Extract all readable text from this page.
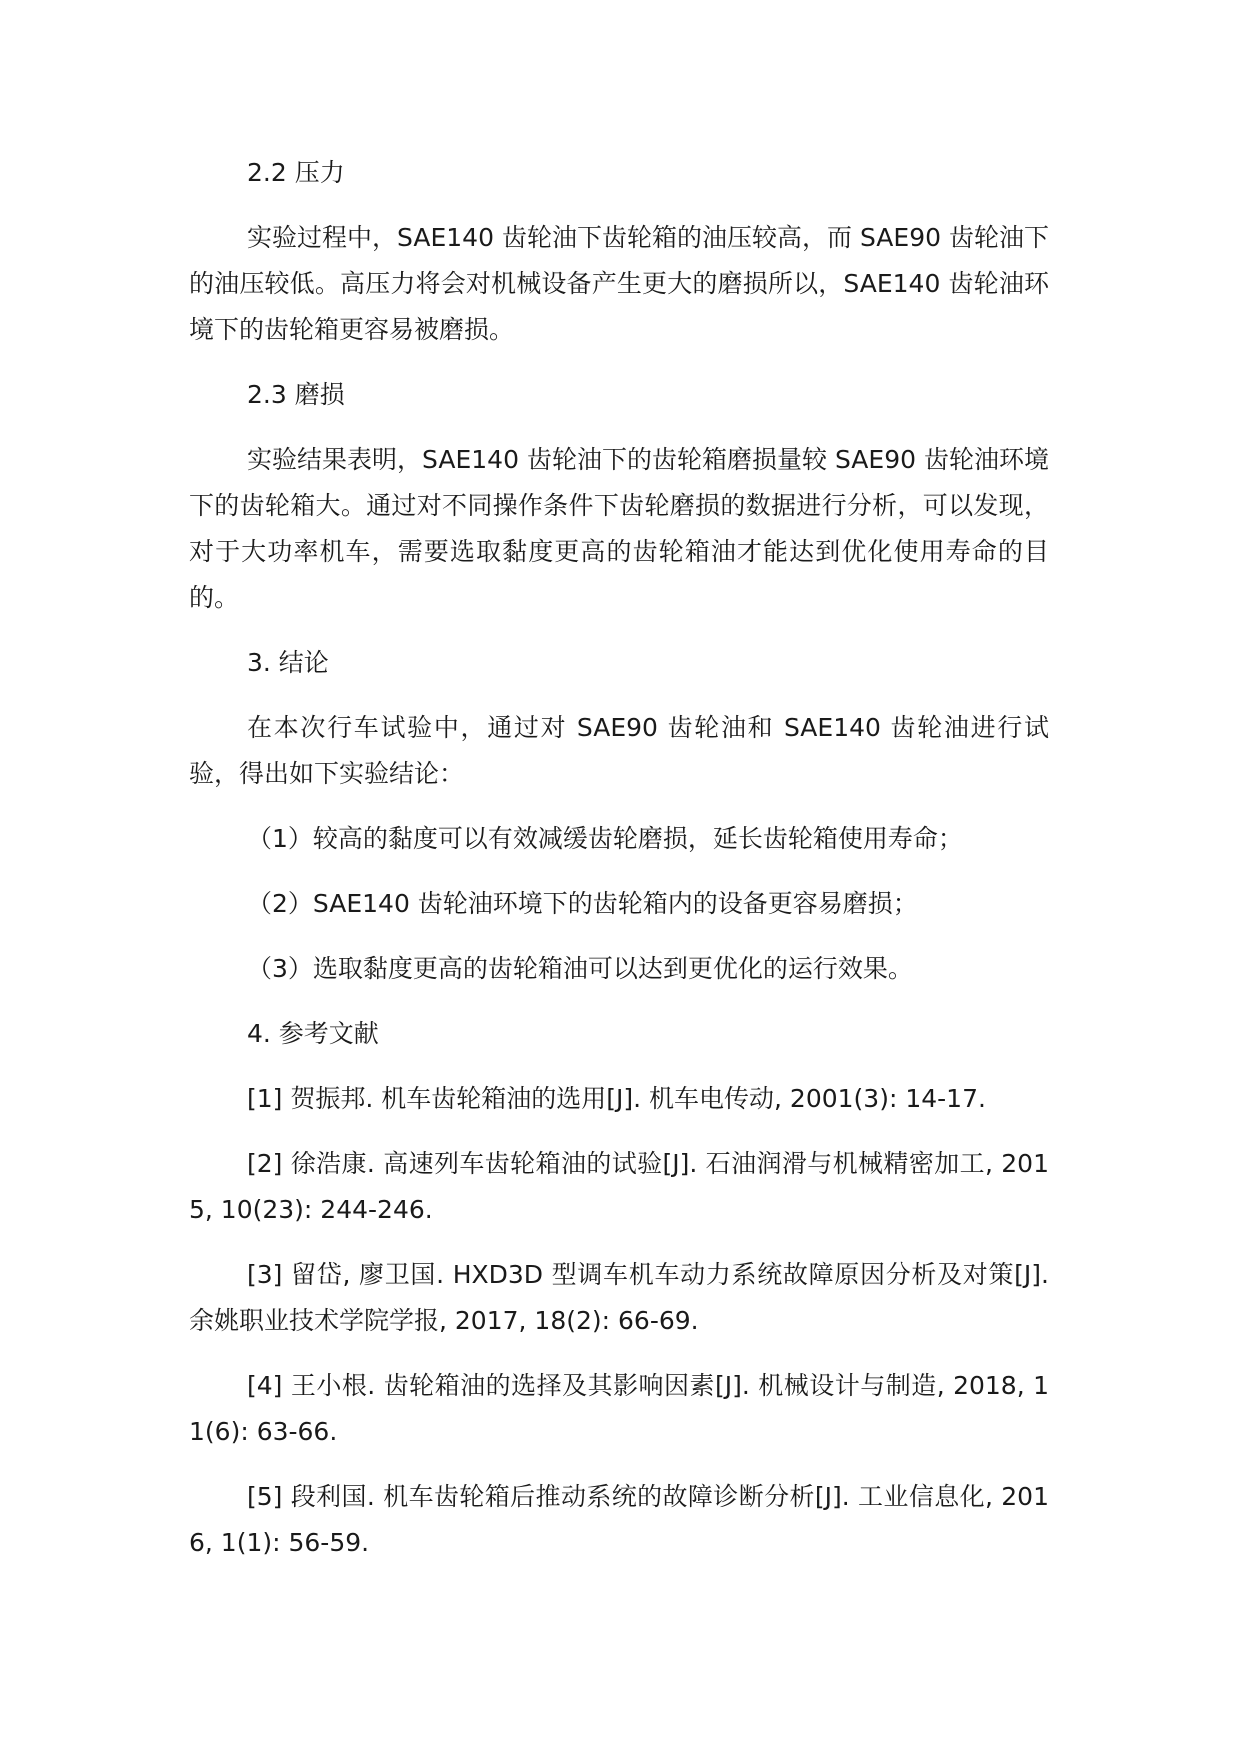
2.2 压力

实验过程中，SAE140 齿轮油下齿轮箱的油压较高，而 SAE90 齿轮油下的油压较低。高压力将会对机械设备产生更大的磨损所以，SAE140 齿轮油环境下的齿轮箱更容易被磨损。

2.3 磨损

实验结果表明，SAE140 齿轮油下的齿轮箱磨损量较 SAE90 齿轮油环境下的齿轮箱大。通过对不同操作条件下齿轮磨损的数据进行分析，可以发现，对于大功率机车，需要选取黏度更高的齿轮箱油才能达到优化使用寿命的目的。

3. 结论

在本次行车试验中，通过对 SAE90 齿轮油和 SAE140 齿轮油进行试验，得出如下实验结论：

（1）较高的黏度可以有效减缓齿轮磨损，延长齿轮箱使用寿命；

（2）SAE140 齿轮油环境下的齿轮箱内的设备更容易磨损；

（3）选取黏度更高的齿轮箱油可以达到更优化的运行效果。

4. 参考文献

[1] 贺振邦. 机车齿轮箱油的选用[J]. 机车电传动, 2001(3): 14-17.

[2] 徐浩康. 高速列车齿轮箱油的试验[J]. 石油润滑与机械精密加工, 2015, 10(23): 244-246.

[3] 留岱, 廖卫国. HXD3D 型调车机车动力系统故障原因分析及对策[J]. 余姚职业技术学院学报, 2017, 18(2): 66-69.

[4] 王小根. 齿轮箱油的选择及其影响因素[J]. 机械设计与制造, 2018, 11(6): 63-66.

[5] 段利国. 机车齿轮箱后推动系统的故障诊断分析[J]. 工业信息化, 2016, 1(1): 56-59.
